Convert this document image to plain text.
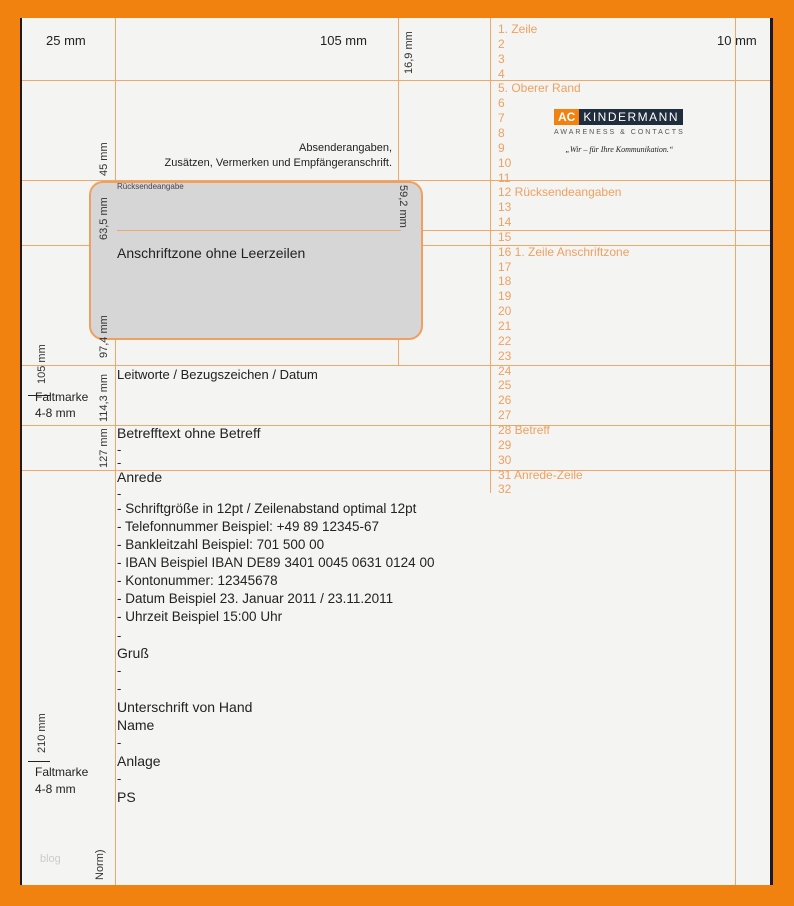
25 mm	105 mm	10 mm
16,9 mm
45 mm
63,5 mm
97,4 mm
105 mm
114,3 mm
127 mm
210 mm
Norm)
Faltmarke
4-8 mm
Faltmarke
4-8 mm
Absenderangaben,
Zusätzen, Vermerken und Empfängeranschrift.
Rücksendeangabe
Anschriftzone ohne Leerzeilen
59,2 mm
AC KINDERMANN
AWARENESS & CONTACTS
„Wir – für Ihre Kommunikation.“
Leitworte / Bezugszeichen / Datum
Betrefftext ohne Betreff
-
-
Anrede
-
- Schriftgröße in 12pt / Zeilenabstand optimal 12pt
- Telefonnummer Beispiel: +49 89 12345-67
- Bankleitzahl Beispiel: 701 500 00
- IBAN Beispiel IBAN DE89 3401 0045 0631 0124 00
- Kontonummer: 12345678
- Datum Beispiel 23. Januar 2011 / 23.11.2011
- Uhrzeit Beispiel 15:00 Uhr
-
Gruß
-
-
Unterschrift von Hand
Name
-
Anlage
-
PS
blog
1. Zeile
2
3
4
5. Oberer Rand
6
7
8
9
10
11
12 Rücksendeangaben
13
14
15
16 1. Zeile Anschriftzone
17
18
19
20
21
22
23
24
25
26
27
28 Betreff
29
30
31 Anrede-Zeile
32
